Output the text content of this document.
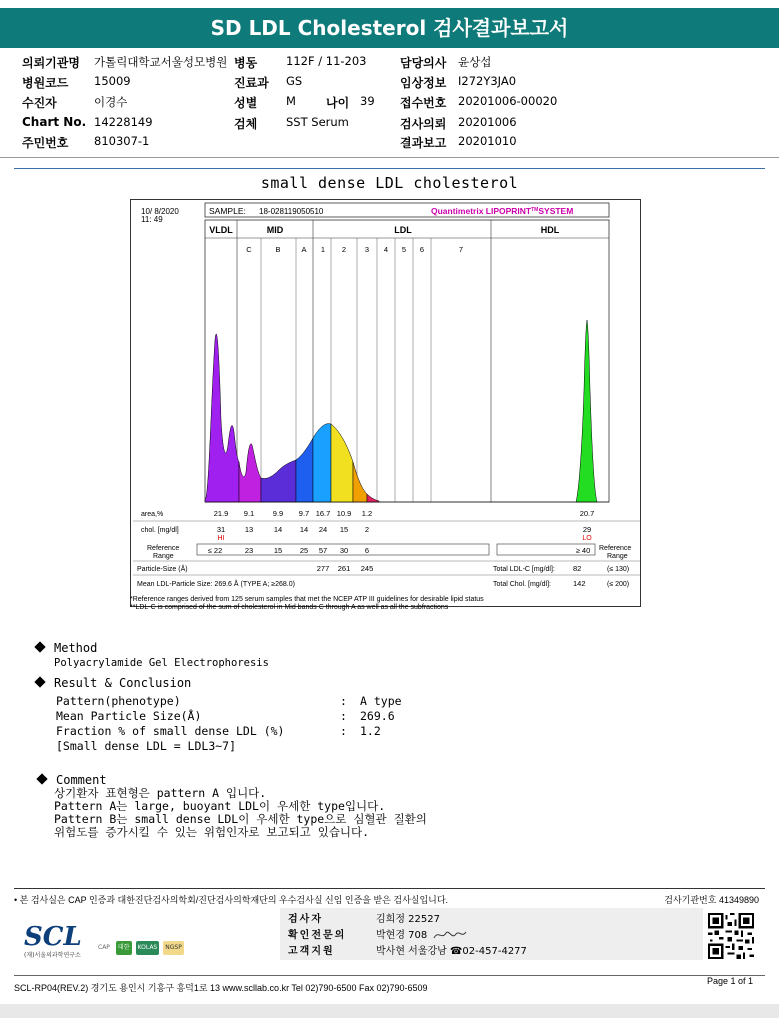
SD LDL Cholesterol 검사결과보고서
의뢰기관명 가톨릭대학교서울성모병원
병원코드 15009
수진자	이경수
Chart No. 14228149
주민번호 810307-1
병동	112F / 11-203
진료과 GS
성별	M	나이 39
검체	SST Serum
담당의사 윤상섭
임상정보 I272Y3JA0
접수번호 20201006-00020
검사의뢰 20201006
결과보고 20201010
small dense LDL cholesterol
10/ 8/2020
11: 49
SAMPLE: 18-028119050510	Quantimetrix LIPOPRINT™SYSTEM
VLDL	MID	LDL	HDL
C	B	A 1 2	3 4 5 6	7
area,%	21.9 9.1 9.9 9.7 16.7 10.9 1.2	20.7
chol. [mg/dl]	31	13	14 14 24 15 2	29
HI	LO
Reference Range
≤ 22	23	15 25 57 30 6	≥ 40 Reference Range
Particle-Size (Å)	277 261 245	Total LDL-C [mg/dl]: 82	(≤ 130)
Mean LDL-Particle Size: 269.6 Å (TYPE A; ≥268.0)	Total Chol. [mg/dl]:	142	(≤ 200)
*Reference ranges derived from 125 serum samples that met the NCEP ATP III guidelines for desirable lipid status
**LDL-C is comprised of the sum of cholesterol in Mid bands C through A as well as all the subfractions
Method
Polyacrylamide Gel Electrophoresis
Result & Conclusion
Pattern(phenotype)	: A type
Mean Particle Size(Å)	: 269.6
Fraction % of small dense LDL (%)	: 1.2
[Small dense LDL = LDL3~7]
Comment
상기환자 표현형은 pattern A 입니다.
Pattern A는 large, buoyant LDL이 우세한 type입니다.
Pattern B는 small dense LDL이 우세한 type으로 심혈관 질환의
위험도를 증가시킬 수 있는 위험인자로 보고되고 있습니다.
• 본 검사실은 CAP 인증과 대한진단검사의학회/진단검사의학재단의 우수검사실 신임 인증을 받은 검사실입니다.	검사기관번호 41349890
검사자	김희정 22527
확인전문의	박현경 708
고객지원	박사현 서울강남 ☎02-457-4277
SCL
(재)서울의과학연구소
CAP	대한	KOLAS	NGSP
SCL-RP04(REV.2) 경기도 용인시 기흥구 흥덕1로 13 www.scllab.co.kr Tel 02)790-6500 Fax 02)790-6509
Page 1 of 1
